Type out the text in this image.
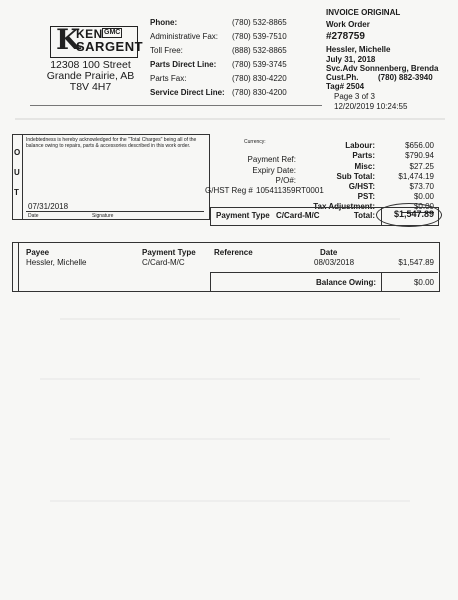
K
KEN GMC
SARGENT
12308 100 Street
Grande Prairie, AB
T8V 4H7
Phone:	(780) 532-8865
Administrative Fax: (780) 539-7510
Toll Free:	(888) 532-8865
Parts Direct Line: (780) 539-3745
Parts Fax:	(780) 830-4220
Service Direct Line: (780) 830-4200
INVOICE ORIGINAL
Work Order
#278759
Hessler, Michelle
July 31, 2018
Svc.Adv Sonnenberg, Brenda
Cust.Ph. (780) 882-3940
Tag# 2504
Page 3 of 3
12/20/2019 10:24:55
O
U
T
Indebtedness is hereby acknowledged for the "Total Charges" being all of the balance owing to repairs, parts & accessories described in this work order.
07/31/2018
Date	Signature
Currency:
Payment Ref:
Expiry Date:
P/O#:
G/HST Reg # 105411359RT0001
Labour:	$656.00
Parts:	$790.94
Misc:	$27.25
Sub Total:	$1,474.19
G/HST:	$73.70
PST:	$0.00
Tax Adjustment:	$0.00
Payment Type C/Card-M/C	Total:	$1,547.89
Payee	Payment Type Reference	Date
Hessler, Michelle	C/Card-M/C	08/03/2018	$1,547.89
Balance Owing:	$0.00
